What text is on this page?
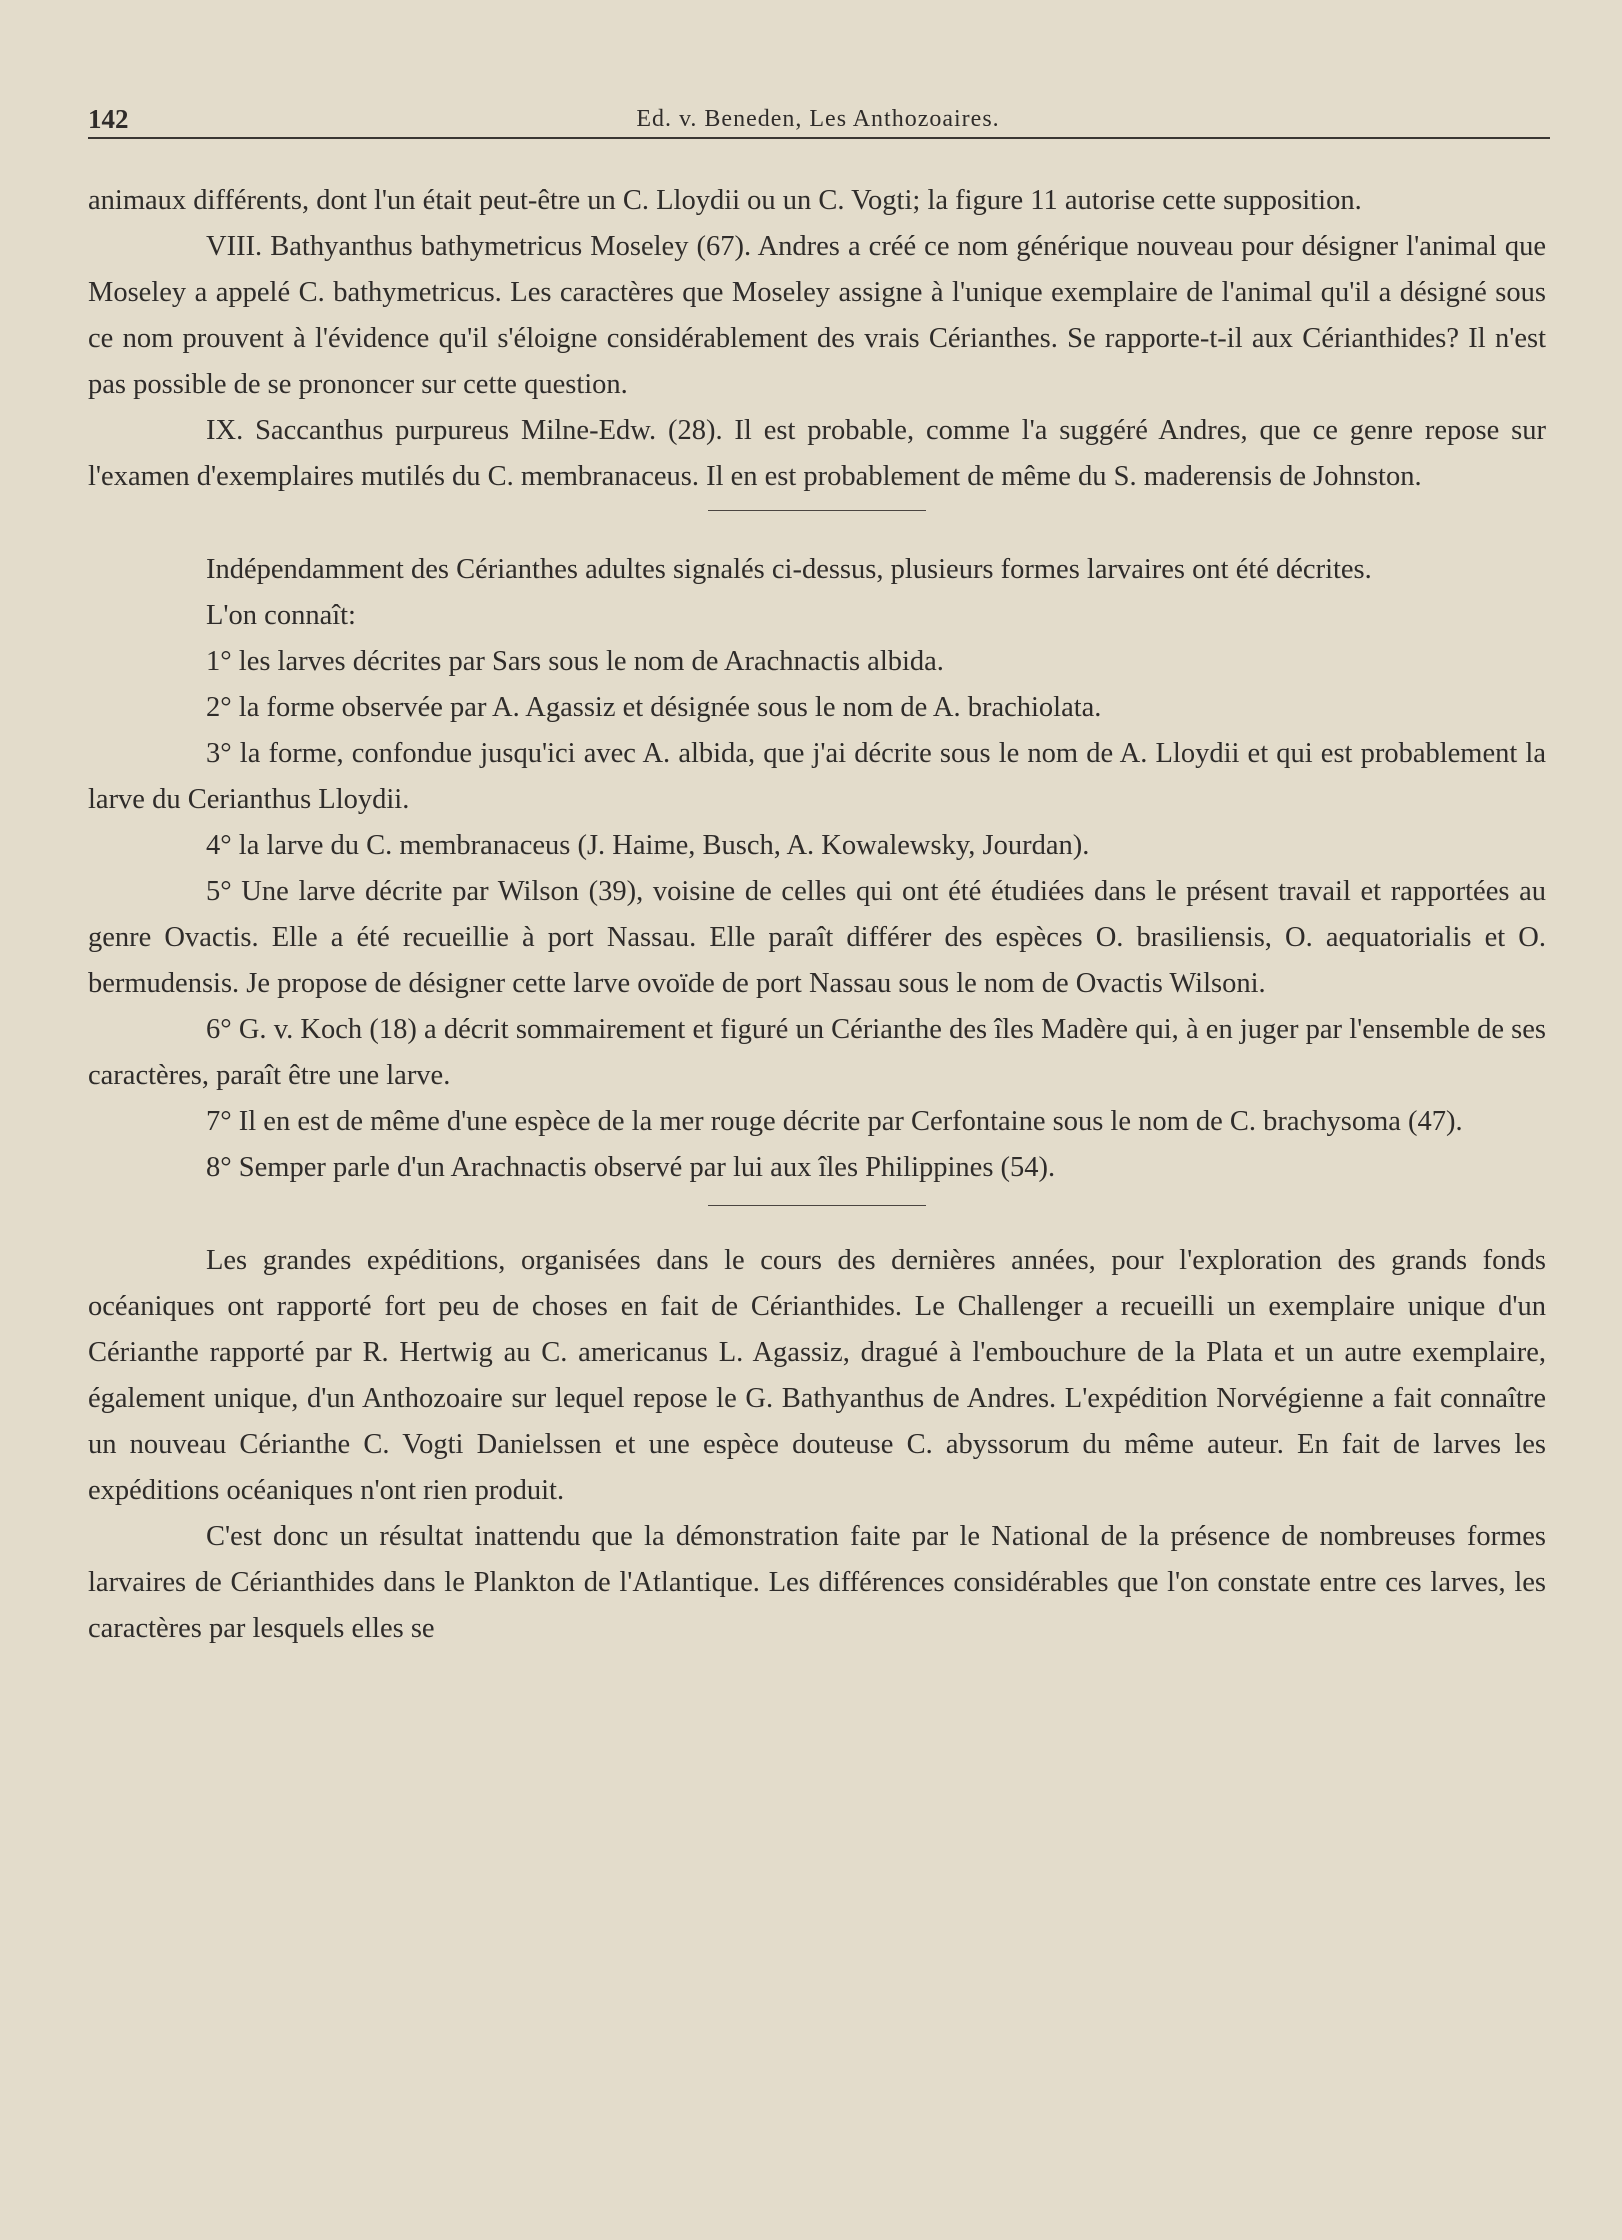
142	Ed. v. Beneden, Les Anthozoaires.

animaux différents, dont l'un était peut-être un C. Lloydii ou un C. Vogti; la figure 11 autorise cette supposition.

VIII. Bathyanthus bathymetricus Moseley (67). Andres a créé ce nom générique nouveau pour désigner l'animal que Moseley a appelé C. bathymetricus. Les caractères que Moseley assigne à l'unique exemplaire de l'animal qu'il a désigné sous ce nom prouvent à l'évidence qu'il s'éloigne considérablement des vrais Cérianthes. Se rapporte-t-il aux Cérianthides? Il n'est pas possible de se prononcer sur cette question.

IX. Saccanthus purpureus Milne-Edw. (28). Il est probable, comme l'a suggéré Andres, que ce genre repose sur l'examen d'exemplaires mutilés du C. membranaceus. Il en est probablement de même du S. maderensis de Johnston.

Indépendamment des Cérianthes adultes signalés ci-dessus, plusieurs formes larvaires ont été décrites.

L'on connaît:

1° les larves décrites par Sars sous le nom de Arachnactis albida.

2° la forme observée par A. Agassiz et désignée sous le nom de A. brachiolata.

3° la forme, confondue jusqu'ici avec A. albida, que j'ai décrite sous le nom de A. Lloydii et qui est probablement la larve du Cerianthus Lloydii.

4° la larve du C. membranaceus (J. Haime, Busch, A. Kowalewsky, Jourdan).

5° Une larve décrite par Wilson (39), voisine de celles qui ont été étudiées dans le présent travail et rapportées au genre Ovactis. Elle a été recueillie à port Nassau. Elle paraît différer des espèces O. brasiliensis, O. aequatorialis et O. bermudensis. Je propose de désigner cette larve ovoïde de port Nassau sous le nom de Ovactis Wilsoni.

6° G. v. Koch (18) a décrit sommairement et figuré un Cérianthe des îles Madère qui, à en juger par l'ensemble de ses caractères, paraît être une larve.

7° Il en est de même d'une espèce de la mer rouge décrite par Cerfontaine sous le nom de C. brachysoma (47).

8° Semper parle d'un Arachnactis observé par lui aux îles Philippines (54).

Les grandes expéditions, organisées dans le cours des dernières années, pour l'exploration des grands fonds océaniques ont rapporté fort peu de choses en fait de Cérianthides. Le Challenger a recueilli un exemplaire unique d'un Cérianthe rapporté par R. Hertwig au C. americanus L. Agassiz, dragué à l'embouchure de la Plata et un autre exemplaire, également unique, d'un Anthozoaire sur lequel repose le G. Bathyanthus de Andres. L'expédition Norvégienne a fait connaître un nouveau Cérianthe C. Vogti Danielssen et une espèce douteuse C. abyssorum du même auteur. En fait de larves les expéditions océaniques n'ont rien produit.

C'est donc un résultat inattendu que la démonstration faite par le National de la présence de nombreuses formes larvaires de Cérianthides dans le Plankton de l'Atlantique. Les différences considérables que l'on constate entre ces larves, les caractères par lesquels elles se
